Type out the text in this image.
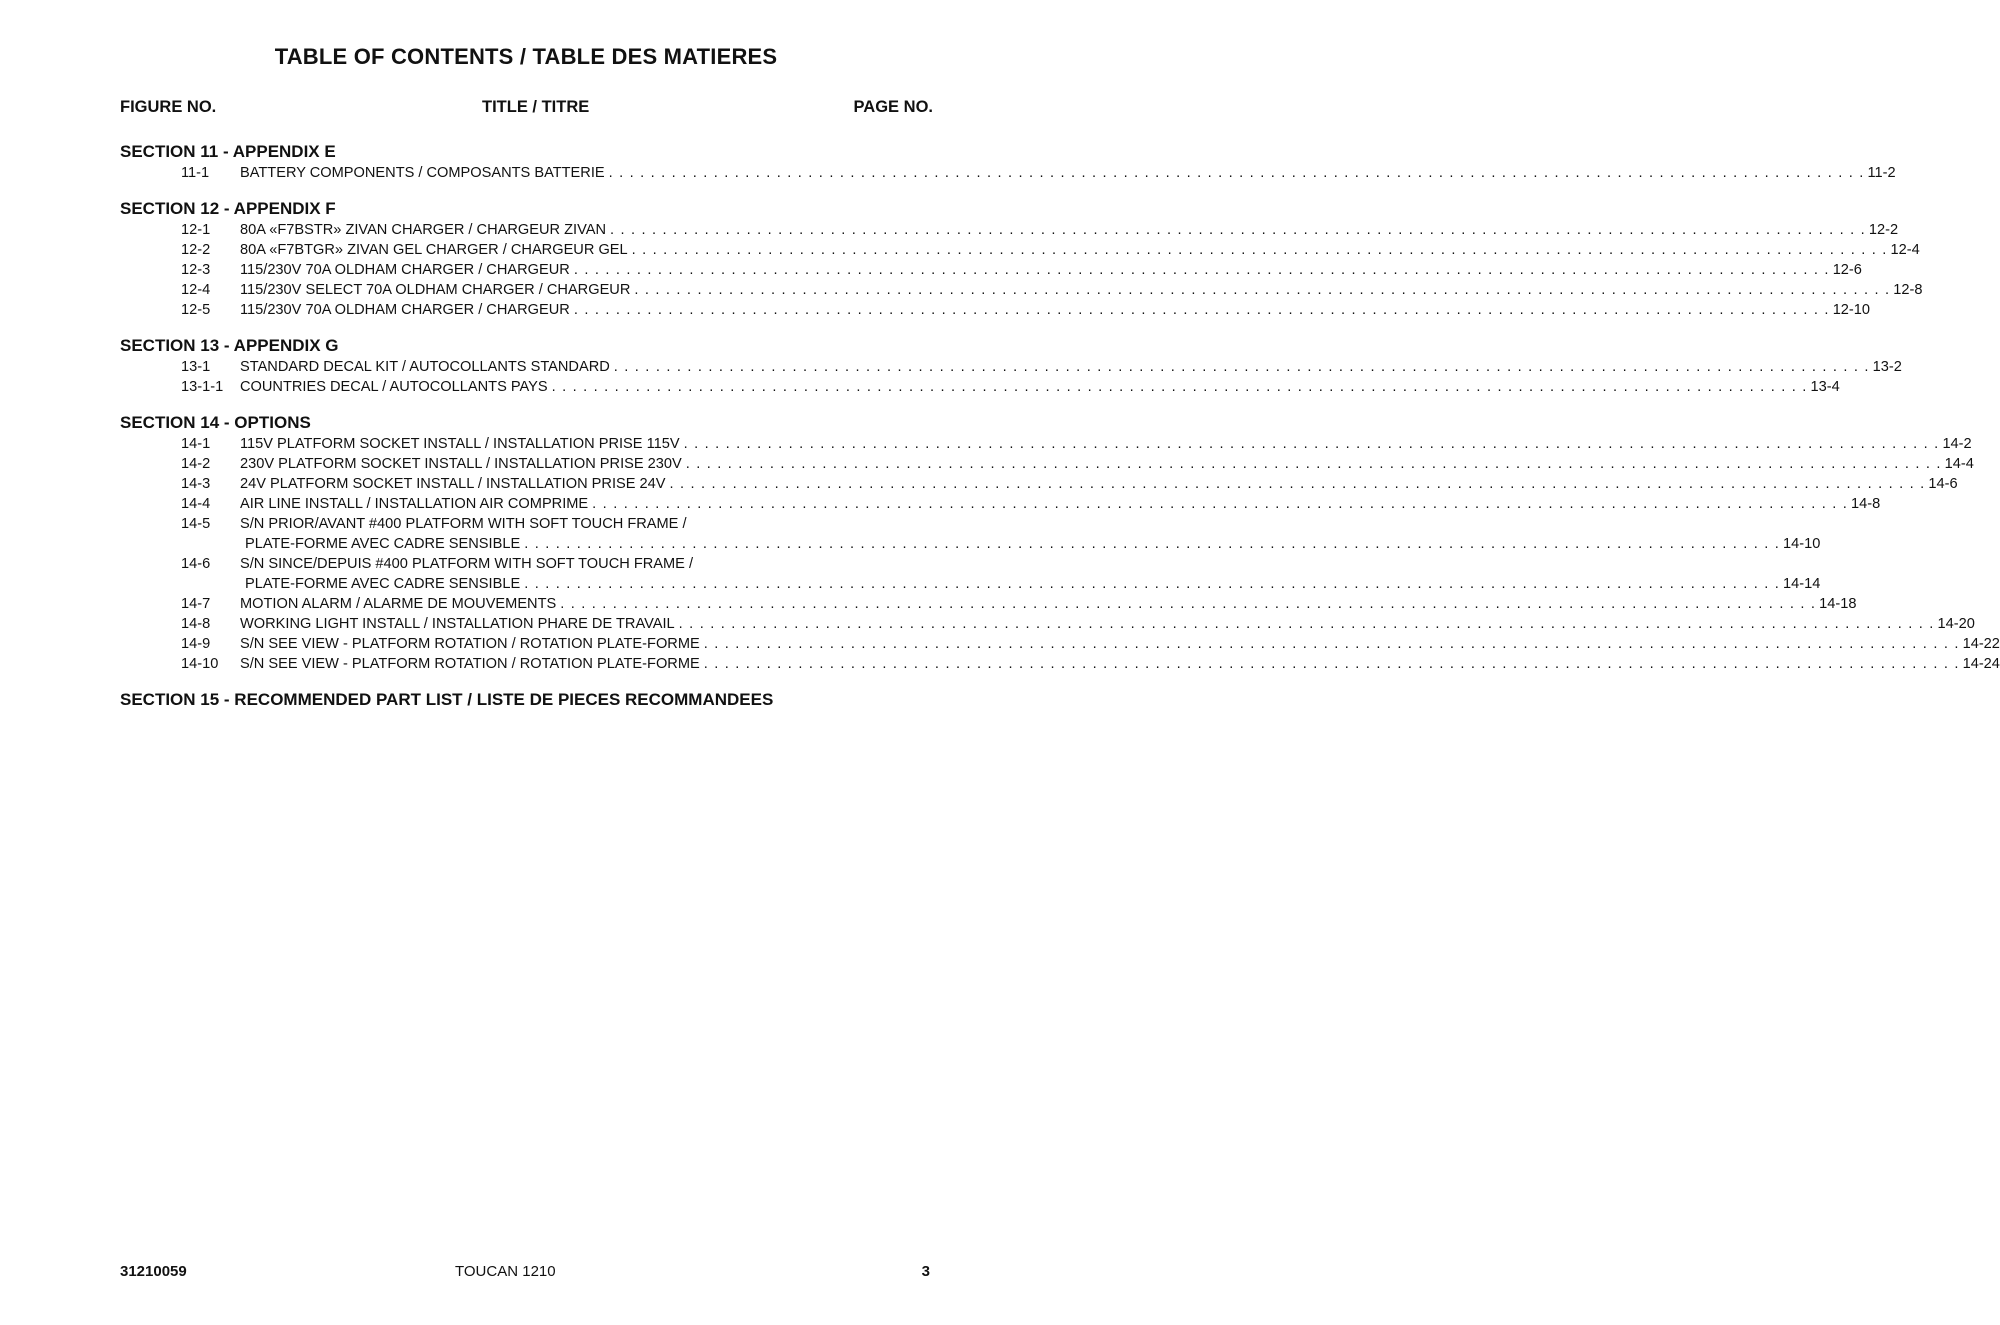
TABLE OF CONTENTS / TABLE DES MATIERES
FIGURE NO.	TITLE / TITRE	PAGE NO.
SECTION 11 - APPENDIX E
11-1 BATTERY COMPONENTS / COMPOSANTS BATTERIE . . . . . . . . . . . . . . . . . . . . . . . . . . . . . . . . . . . . . . . . . . . . . . . . . . . . . . . . . . . . . . . . . . . . . . . . . . . . . . . . . . . . . . . . . . . . . . . . . . . . . . . . . . . . . . . . . . . . . . . . 11-2
SECTION 12 - APPENDIX F
12-1 80A «F7BSTR» ZIVAN CHARGER / CHARGEUR ZIVAN . . . . . . . . . . . . . . . . . . . . . . . . . . . . . . . . . . . . . . . . . . . . . . . . . . . . . . . . . . . . . . . . . . . . . . . . . . . . . . . . . . . . . . . . . . . . . . . . . . . . . . . . . . . . . . . . . . . . . . . . 12-2
12-2 80A «F7BTGR» ZIVAN GEL CHARGER / CHARGEUR GEL . . . . . . . . . . . . . . . . . . . . . . . . . . . . . . . . . . . . . . . . . . . . . . . . . . . . . . . . . . . . . . . . . . . . . . . . . . . . . . . . . . . . . . . . . . . . . . . . . . . . . . . . . . . . . . . . . . . . . . . . 12-4
12-3 115/230V 70A OLDHAM CHARGER / CHARGEUR . . . . . . . . . . . . . . . . . . . . . . . . . . . . . . . . . . . . . . . . . . . . . . . . . . . . . . . . . . . . . . . . . . . . . . . . . . . . . . . . . . . . . . . . . . . . . . . . . . . . . . . . . . . . . . . . . . . . . . . . 12-6
12-4 115/230V SELECT 70A OLDHAM CHARGER / CHARGEUR . . . . . . . . . . . . . . . . . . . . . . . . . . . . . . . . . . . . . . . . . . . . . . . . . . . . . . . . . . . . . . . . . . . . . . . . . . . . . . . . . . . . . . . . . . . . . . . . . . . . . . . . . . . . . . . . . . . . . . . . 12-8
12-5 115/230V 70A OLDHAM CHARGER / CHARGEUR . . . . . . . . . . . . . . . . . . . . . . . . . . . . . . . . . . . . . . . . . . . . . . . . . . . . . . . . . . . . . . . . . . . . . . . . . . . . . . . . . . . . . . . . . . . . . . . . . . . . . . . . . . . . . . . . . . . . . . . . 12-10
SECTION 13 - APPENDIX G
13-1 STANDARD DECAL KIT / AUTOCOLLANTS STANDARD . . . . . . . . . . . . . . . . . . . . . . . . . . . . . . . . . . . . . . . . . . . . . . . . . . . . . . . . . . . . . . . . . . . . . . . . . . . . . . . . . . . . . . . . . . . . . . . . . . . . . . . . . . . . . . . . . . . . . . . . 13-2
13-1-1 COUNTRIES DECAL / AUTOCOLLANTS PAYS . . . . . . . . . . . . . . . . . . . . . . . . . . . . . . . . . . . . . . . . . . . . . . . . . . . . . . . . . . . . . . . . . . . . . . . . . . . . . . . . . . . . . . . . . . . . . . . . . . . . . . . . . . . . . . . . . . . . . . . . 13-4
SECTION 14 - OPTIONS
14-1 115V PLATFORM SOCKET INSTALL / INSTALLATION PRISE 115V . . . . . . . . . . . . . . . . . . . . . . . . . . . . . . . . . . . . . . . . . . . . . . . . . . . . . . . . . . . . . . . . . . . . . . . . . . . . . . . . . . . . . . . . . . . . . . . . . . . . . . . . . . . . . . . . . . . . . . . . 14-2
14-2 230V PLATFORM SOCKET INSTALL / INSTALLATION PRISE 230V . . . . . . . . . . . . . . . . . . . . . . . . . . . . . . . . . . . . . . . . . . . . . . . . . . . . . . . . . . . . . . . . . . . . . . . . . . . . . . . . . . . . . . . . . . . . . . . . . . . . . . . . . . . . . . . . . . . . . . . . 14-4
14-3 24V PLATFORM SOCKET INSTALL / INSTALLATION PRISE 24V . . . . . . . . . . . . . . . . . . . . . . . . . . . . . . . . . . . . . . . . . . . . . . . . . . . . . . . . . . . . . . . . . . . . . . . . . . . . . . . . . . . . . . . . . . . . . . . . . . . . . . . . . . . . . . . . . . . . . . . . 14-6
14-4 AIR LINE INSTALL / INSTALLATION AIR COMPRIME . . . . . . . . . . . . . . . . . . . . . . . . . . . . . . . . . . . . . . . . . . . . . . . . . . . . . . . . . . . . . . . . . . . . . . . . . . . . . . . . . . . . . . . . . . . . . . . . . . . . . . . . . . . . . . . . . . . . . . . . 14-8
14-5 S/N PRIOR/AVANT #400 PLATFORM WITH SOFT TOUCH FRAME /
PLATE-FORME AVEC CADRE SENSIBLE . . . . . . . . . . . . . . . . . . . . . . . . . . . . . . . . . . . . . . . . . . . . . . . . . . . . . . . . . . . . . . . . . . . . . . . . . . . . . . . . . . . . . . . . . . . . . . . . . . . . . . . . . . . . . . . . . . . . . . . . 14-10
14-6 S/N SINCE/DEPUIS #400 PLATFORM WITH SOFT TOUCH FRAME /
PLATE-FORME AVEC CADRE SENSIBLE . . . . . . . . . . . . . . . . . . . . . . . . . . . . . . . . . . . . . . . . . . . . . . . . . . . . . . . . . . . . . . . . . . . . . . . . . . . . . . . . . . . . . . . . . . . . . . . . . . . . . . . . . . . . . . . . . . . . . . . . 14-14
14-7 MOTION ALARM / ALARME DE MOUVEMENTS . . . . . . . . . . . . . . . . . . . . . . . . . . . . . . . . . . . . . . . . . . . . . . . . . . . . . . . . . . . . . . . . . . . . . . . . . . . . . . . . . . . . . . . . . . . . . . . . . . . . . . . . . . . . . . . . . . . . . . . . 14-18
14-8 WORKING LIGHT INSTALL / INSTALLATION PHARE DE TRAVAIL . . . . . . . . . . . . . . . . . . . . . . . . . . . . . . . . . . . . . . . . . . . . . . . . . . . . . . . . . . . . . . . . . . . . . . . . . . . . . . . . . . . . . . . . . . . . . . . . . . . . . . . . . . . . . . . . . . . . . . . . 14-20
14-9 S/N SEE VIEW - PLATFORM ROTATION / ROTATION PLATE-FORME . . . . . . . . . . . . . . . . . . . . . . . . . . . . . . . . . . . . . . . . . . . . . . . . . . . . . . . . . . . . . . . . . . . . . . . . . . . . . . . . . . . . . . . . . . . . . . . . . . . . . . . . . . . . . . . . . . . . . . . . 14-22
14-10 S/N SEE VIEW - PLATFORM ROTATION / ROTATION PLATE-FORME . . . . . . . . . . . . . . . . . . . . . . . . . . . . . . . . . . . . . . . . . . . . . . . . . . . . . . . . . . . . . . . . . . . . . . . . . . . . . . . . . . . . . . . . . . . . . . . . . . . . . . . . . . . . . . . . . . . . . . . . 14-24
SECTION 15 - RECOMMENDED PART LIST / LISTE DE PIECES RECOMMANDEES
31210059	TOUCAN 1210	3
